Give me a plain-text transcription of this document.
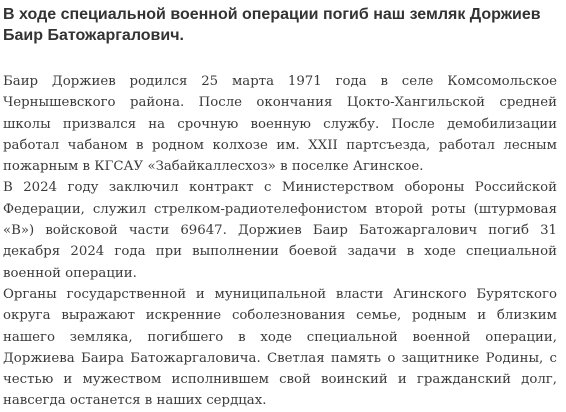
В ходе специальной военной операции погиб наш земляк Доржиев Баир Батожаргалович.

Баир Доржиев родился 25 марта 1971 года в селе Комсомольское Чернышевского района. После окончания Цокто-Хангильской средней школы призвался на срочную военную службу. После демобилизации работал чабаном в родном колхозе им. XXII партсъезда, работал лесным пожарным в КГСАУ «Забайкаллесхоз» в поселке Агинское.

В 2024 году заключил контракт с Министерством обороны Российской Федерации, служил стрелком-радиотелефонистом второй роты (штурмовая «В») войсковой части 69647. Доржиев Баир Батожаргалович погиб 31 декабря 2024 года при выполнении боевой задачи в ходе специальной военной операции.

Органы государственной и муниципальной власти Агинского Бурятского округа выражают искренние соболезнования семье, родным и близким нашего земляка, погибшего в ходе специальной военной операции, Доржиева Баира Батожаргаловича. Светлая память о защитнике Родины, с честью и мужеством исполнившем свой воинский и гражданский долг, навсегда останется в наших сердцах.
